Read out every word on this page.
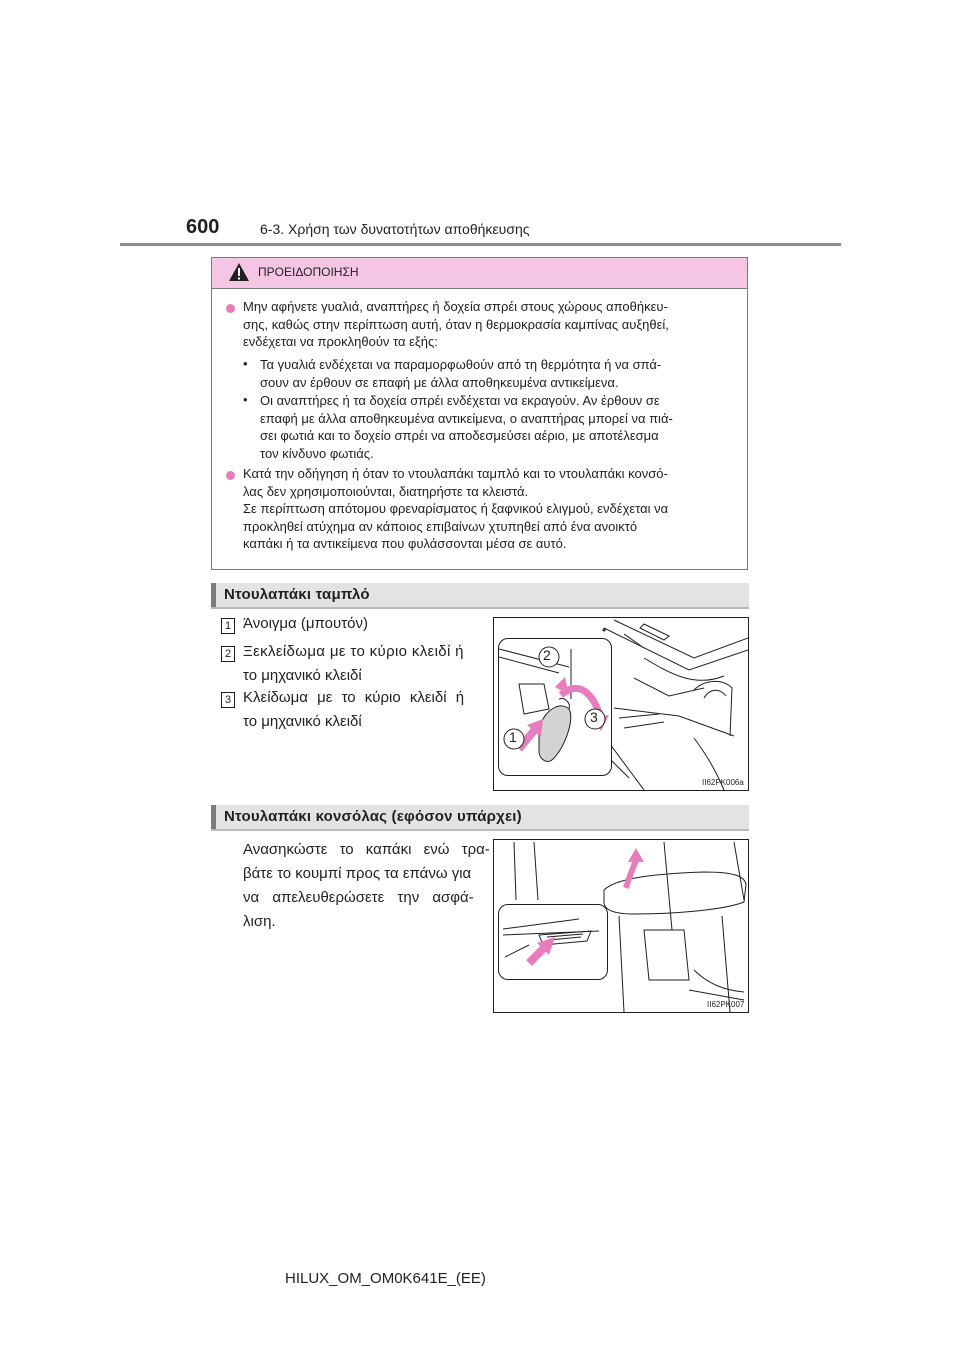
600	6-3. Χρήση των δυνατοτήτων αποθήκευσης
ΠΡΟΕΙΔΟΠΟΙΗΣΗ
Μην αφήνετε γυαλιά, αναπτήρες ή δοχεία σπρέι στους χώρους αποθήκευ-
σης, καθώς στην περίπτωση αυτή, όταν η θερμοκρασία καμπίνας αυξηθεί,
ενδέχεται να προκληθούν τα εξής:
• Τα γυαλιά ενδέχεται να παραμορφωθούν από τη θερμότητα ή να σπά-
σουν αν έρθουν σε επαφή με άλλα αποθηκευμένα αντικείμενα.
• Οι αναπτήρες ή τα δοχεία σπρέι ενδέχεται να εκραγούν. Αν έρθουν σε
επαφή με άλλα αποθηκευμένα αντικείμενα, ο αναπτήρας μπορεί να πιά-
σει φωτιά και το δοχείο σπρέι να αποδεσμεύσει αέριο, με αποτέλεσμα
τον κίνδυνο φωτιάς.
Κατά την οδήγηση ή όταν το ντουλαπάκι ταμπλό και το ντουλαπάκι κονσό-
λας δεν χρησιμοποιούνται, διατηρήστε τα κλειστά.
Σε περίπτωση απότομου φρεναρίσματος ή ξαφνικού ελιγμού, ενδέχεται να
προκληθεί ατύχημα αν κάποιος επιβαίνων χτυπηθεί από ένα ανοικτό
καπάκι ή τα αντικείμενα που φυλάσσονται μέσα σε αυτό.
Ντουλαπάκι ταμπλό
1 Άνοιγμα (μπουτόν)
2 Ξεκλείδωμα με το κύριο κλειδί ή
το μηχανικό κλειδί
3 Κλείδωμα με το κύριο κλειδί ή
το μηχανικό κλειδί
2
1
3
II62PK006a
Ντουλαπάκι κονσόλας (εφόσον υπάρχει)
Ανασηκώστε το καπάκι ενώ τρα-
βάτε το κουμπί προς τα επάνω για
να απελευθερώσετε την ασφά-
λιση.
II62PK007
HILUX_OM_OM0K641E_(EE)
